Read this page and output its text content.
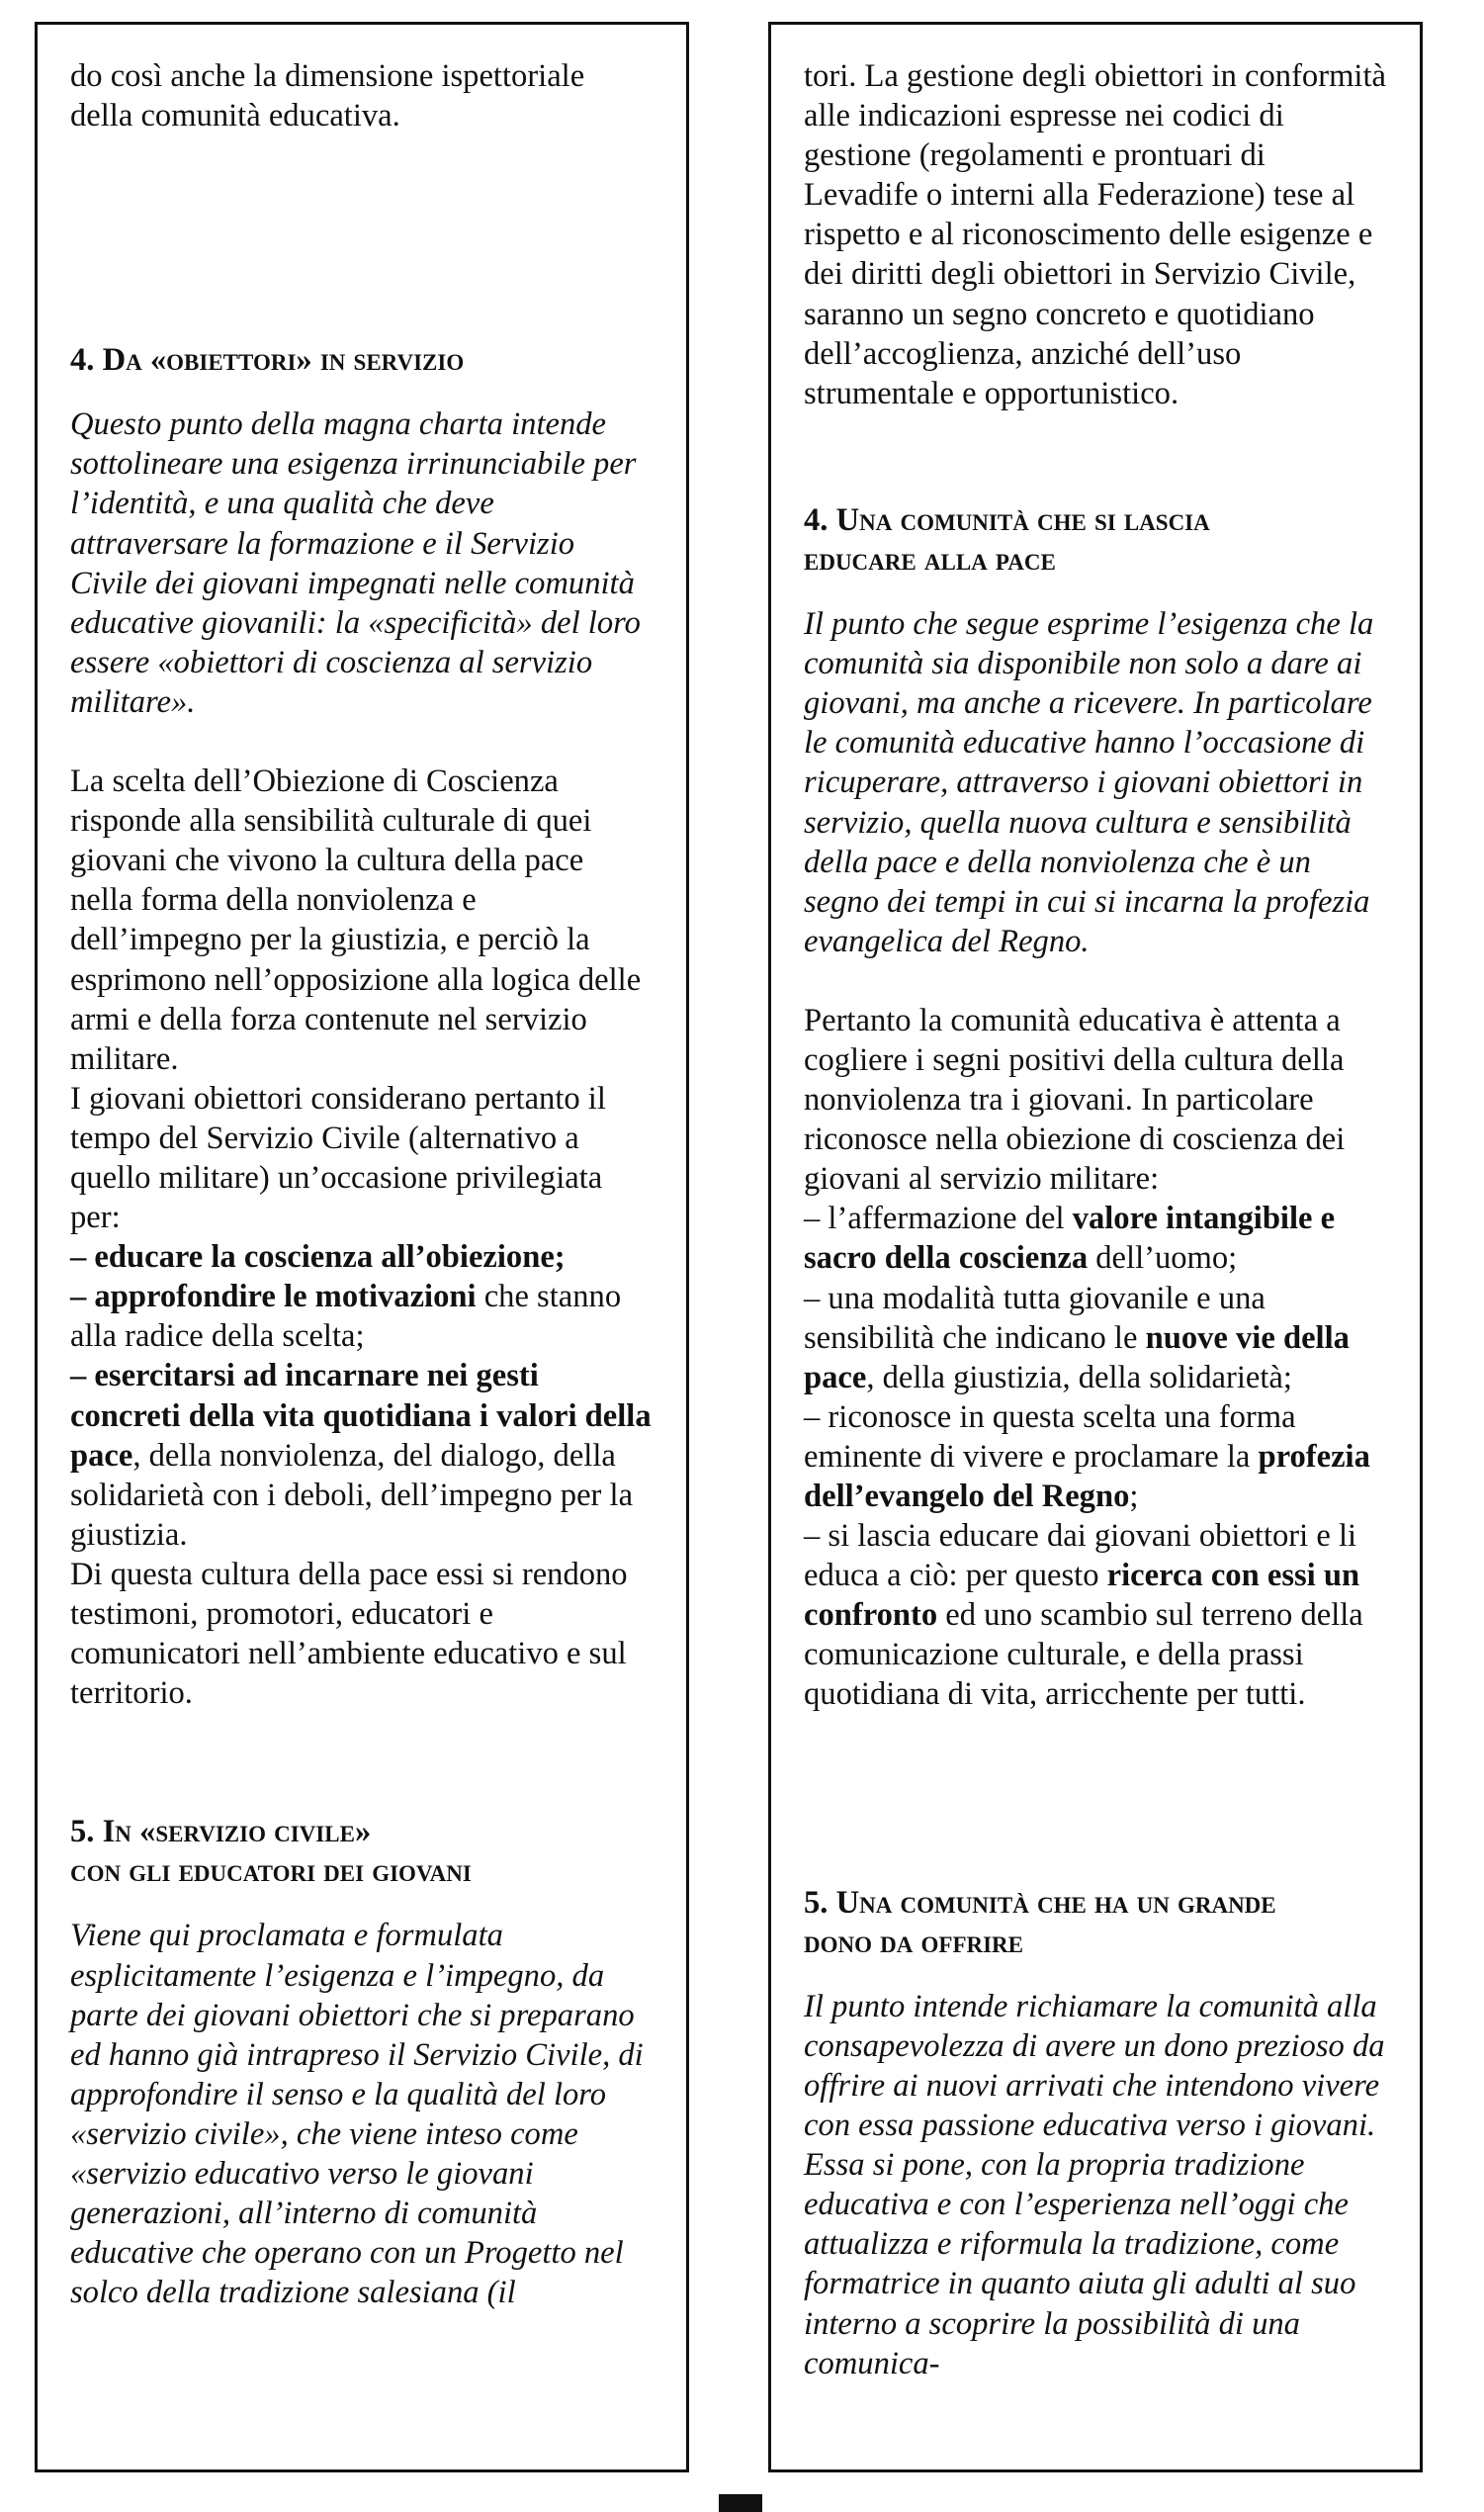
do così anche la dimensione ispettoriale della comunità educativa.

4. Da «obiettori» in servizio

Questo punto della magna charta intende sottolineare una esigenza irrinunciabile per l’identità, e una qualità che deve attraversare la formazione e il Servizio Civile dei giovani impegnati nelle comunità educative giovanili: la «specificità» del loro essere «obiettori di coscienza al servizio militare».

La scelta dell’Obiezione di Coscienza risponde alla sensibilità culturale di quei giovani che vivono la cultura della pace nella forma della nonviolenza e dell’impegno per la giustizia, e perciò la esprimono nell’opposizione alla logica delle armi e della forza contenute nel servizio militare.

I giovani obiettori considerano pertanto il tempo del Servizio Civile (alternativo a quello militare) un’occasione privilegiata per:

– educare la coscienza all’obiezione;

– approfondire le motivazioni che stanno alla radice della scelta;

– esercitarsi ad incarnare nei gesti concreti della vita quotidiana i valori della pace, della nonviolenza, del dialogo, della solidarietà con i deboli, dell’impegno per la giustizia.

Di questa cultura della pace essi si rendono testimoni, promotori, educatori e comunicatori nell’ambiente educativo e sul territorio.

5. In «servizio civile»
con gli educatori dei giovani

Viene qui proclamata e formulata esplicitamente l’esigenza e l’impegno, da parte dei giovani obiettori che si preparano ed hanno già intrapreso il Servizio Civile, di approfondire il senso e la qualità del loro «servizio civile», che viene inteso come «servizio educativo verso le giovani generazioni, all’interno di comunità educative che operano con un Progetto nel solco della tradizione salesiana (il

tori. La gestione degli obiettori in conformità alle indicazioni espresse nei codici di gestione (regolamenti e prontuari di Levadife o interni alla Federazione) tese al rispetto e al riconoscimento delle esigenze e dei diritti degli obiettori in Servizio Civile, saranno un segno concreto e quotidiano dell’accoglienza, anziché dell’uso strumentale e opportunistico.

4. Una comunità che si lascia
educare alla pace

Il punto che segue esprime l’esigenza che la comunità sia disponibile non solo a dare ai giovani, ma anche a ricevere. In particolare le comunità educative hanno l’occasione di ricuperare, attraverso i giovani obiettori in servizio, quella nuova cultura e sensibilità della pace e della nonviolenza che è un segno dei tempi in cui si incarna la profezia evangelica del Regno.

Pertanto la comunità educativa è attenta a cogliere i segni positivi della cultura della nonviolenza tra i giovani. In particolare riconosce nella obiezione di coscienza dei giovani al servizio militare:

– l’affermazione del valore intangibile e sacro della coscienza dell’uomo;

– una modalità tutta giovanile e una sensibilità che indicano le nuove vie della pace, della giustizia, della solidarietà;

– riconosce in questa scelta una forma eminente di vivere e proclamare la profezia dell’evangelo del Regno;

– si lascia educare dai giovani obiettori e li educa a ciò: per questo ricerca con essi un confronto ed uno scambio sul terreno della comunicazione culturale, e della prassi quotidiana di vita, arricchente per tutti.

5. Una comunità che ha un grande
dono da offrire

Il punto intende richiamare la comunità alla consapevolezza di avere un dono prezioso da offrire ai nuovi arrivati che intendono vivere con essa passione educativa verso i giovani. Essa si pone, con la propria tradizione educativa e con l’esperienza nell’oggi che attualizza e riformula la tradizione, come formatrice in quanto aiuta gli adulti al suo interno a scoprire la possibilità di una comunica-
